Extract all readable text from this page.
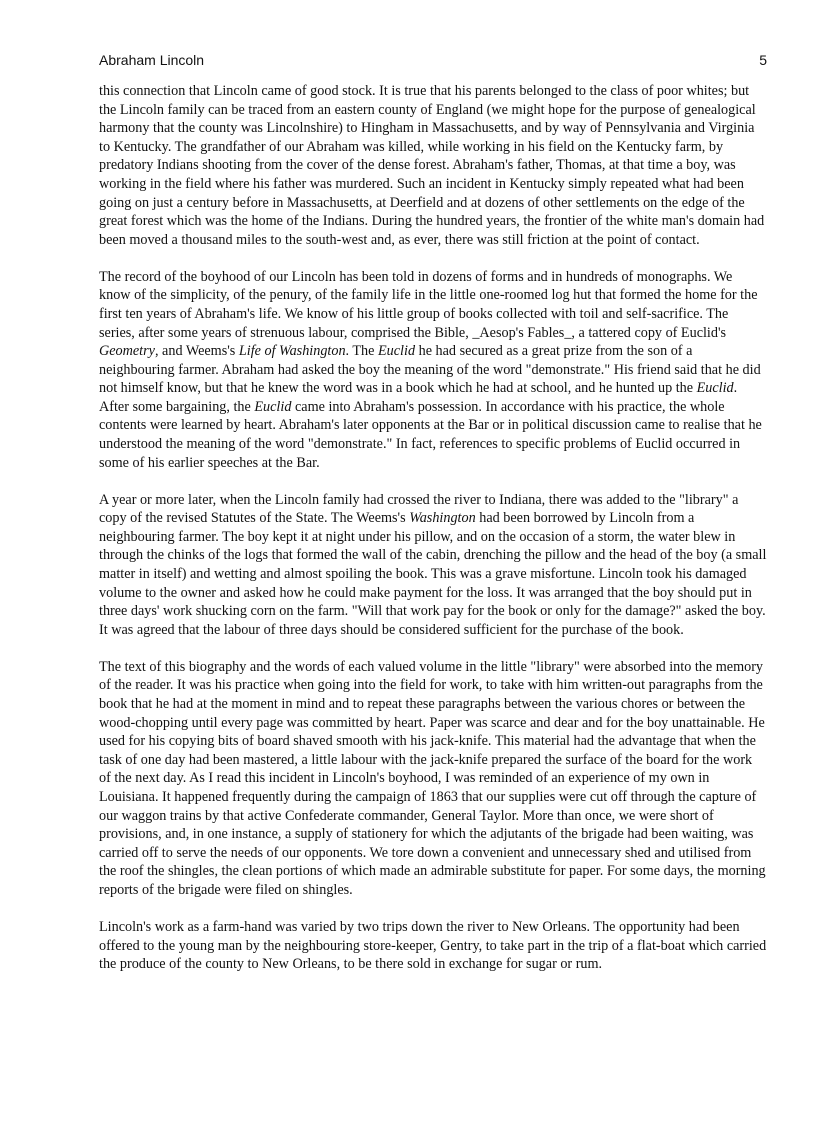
Abraham Lincoln	5

this connection that Lincoln came of good stock. It is true that his parents belonged to the class of poor whites; but the Lincoln family can be traced from an eastern county of England (we might hope for the purpose of genealogical harmony that the county was Lincolnshire) to Hingham in Massachusetts, and by way of Pennsylvania and Virginia to Kentucky. The grandfather of our Abraham was killed, while working in his field on the Kentucky farm, by predatory Indians shooting from the cover of the dense forest. Abraham's father, Thomas, at that time a boy, was working in the field where his father was murdered. Such an incident in Kentucky simply repeated what had been going on just a century before in Massachusetts, at Deerfield and at dozens of other settlements on the edge of the great forest which was the home of the Indians. During the hundred years, the frontier of the white man's domain had been moved a thousand miles to the south-west and, as ever, there was still friction at the point of contact.

The record of the boyhood of our Lincoln has been told in dozens of forms and in hundreds of monographs. We know of the simplicity, of the penury, of the family life in the little one-roomed log hut that formed the home for the first ten years of Abraham's life. We know of his little group of books collected with toil and self-sacrifice. The series, after some years of strenuous labour, comprised the Bible, _Aesop's Fables_, a tattered copy of Euclid's Geometry, and Weems's Life of Washington. The Euclid he had secured as a great prize from the son of a neighbouring farmer. Abraham had asked the boy the meaning of the word "demonstrate." His friend said that he did not himself know, but that he knew the word was in a book which he had at school, and he hunted up the Euclid. After some bargaining, the Euclid came into Abraham's possession. In accordance with his practice, the whole contents were learned by heart. Abraham's later opponents at the Bar or in political discussion came to realise that he understood the meaning of the word "demonstrate." In fact, references to specific problems of Euclid occurred in some of his earlier speeches at the Bar.

A year or more later, when the Lincoln family had crossed the river to Indiana, there was added to the "library" a copy of the revised Statutes of the State. The Weems's Washington had been borrowed by Lincoln from a neighbouring farmer. The boy kept it at night under his pillow, and on the occasion of a storm, the water blew in through the chinks of the logs that formed the wall of the cabin, drenching the pillow and the head of the boy (a small matter in itself) and wetting and almost spoiling the book. This was a grave misfortune. Lincoln took his damaged volume to the owner and asked how he could make payment for the loss. It was arranged that the boy should put in three days' work shucking corn on the farm. "Will that work pay for the book or only for the damage?" asked the boy. It was agreed that the labour of three days should be considered sufficient for the purchase of the book.

The text of this biography and the words of each valued volume in the little "library" were absorbed into the memory of the reader. It was his practice when going into the field for work, to take with him written-out paragraphs from the book that he had at the moment in mind and to repeat these paragraphs between the various chores or between the wood-chopping until every page was committed by heart. Paper was scarce and dear and for the boy unattainable. He used for his copying bits of board shaved smooth with his jack-knife. This material had the advantage that when the task of one day had been mastered, a little labour with the jack-knife prepared the surface of the board for the work of the next day. As I read this incident in Lincoln's boyhood, I was reminded of an experience of my own in Louisiana. It happened frequently during the campaign of 1863 that our supplies were cut off through the capture of our waggon trains by that active Confederate commander, General Taylor. More than once, we were short of provisions, and, in one instance, a supply of stationery for which the adjutants of the brigade had been waiting, was carried off to serve the needs of our opponents. We tore down a convenient and unnecessary shed and utilised from the roof the shingles, the clean portions of which made an admirable substitute for paper. For some days, the morning reports of the brigade were filed on shingles.

Lincoln's work as a farm-hand was varied by two trips down the river to New Orleans. The opportunity had been offered to the young man by the neighbouring store-keeper, Gentry, to take part in the trip of a flat-boat which carried the produce of the county to New Orleans, to be there sold in exchange for sugar or rum.
